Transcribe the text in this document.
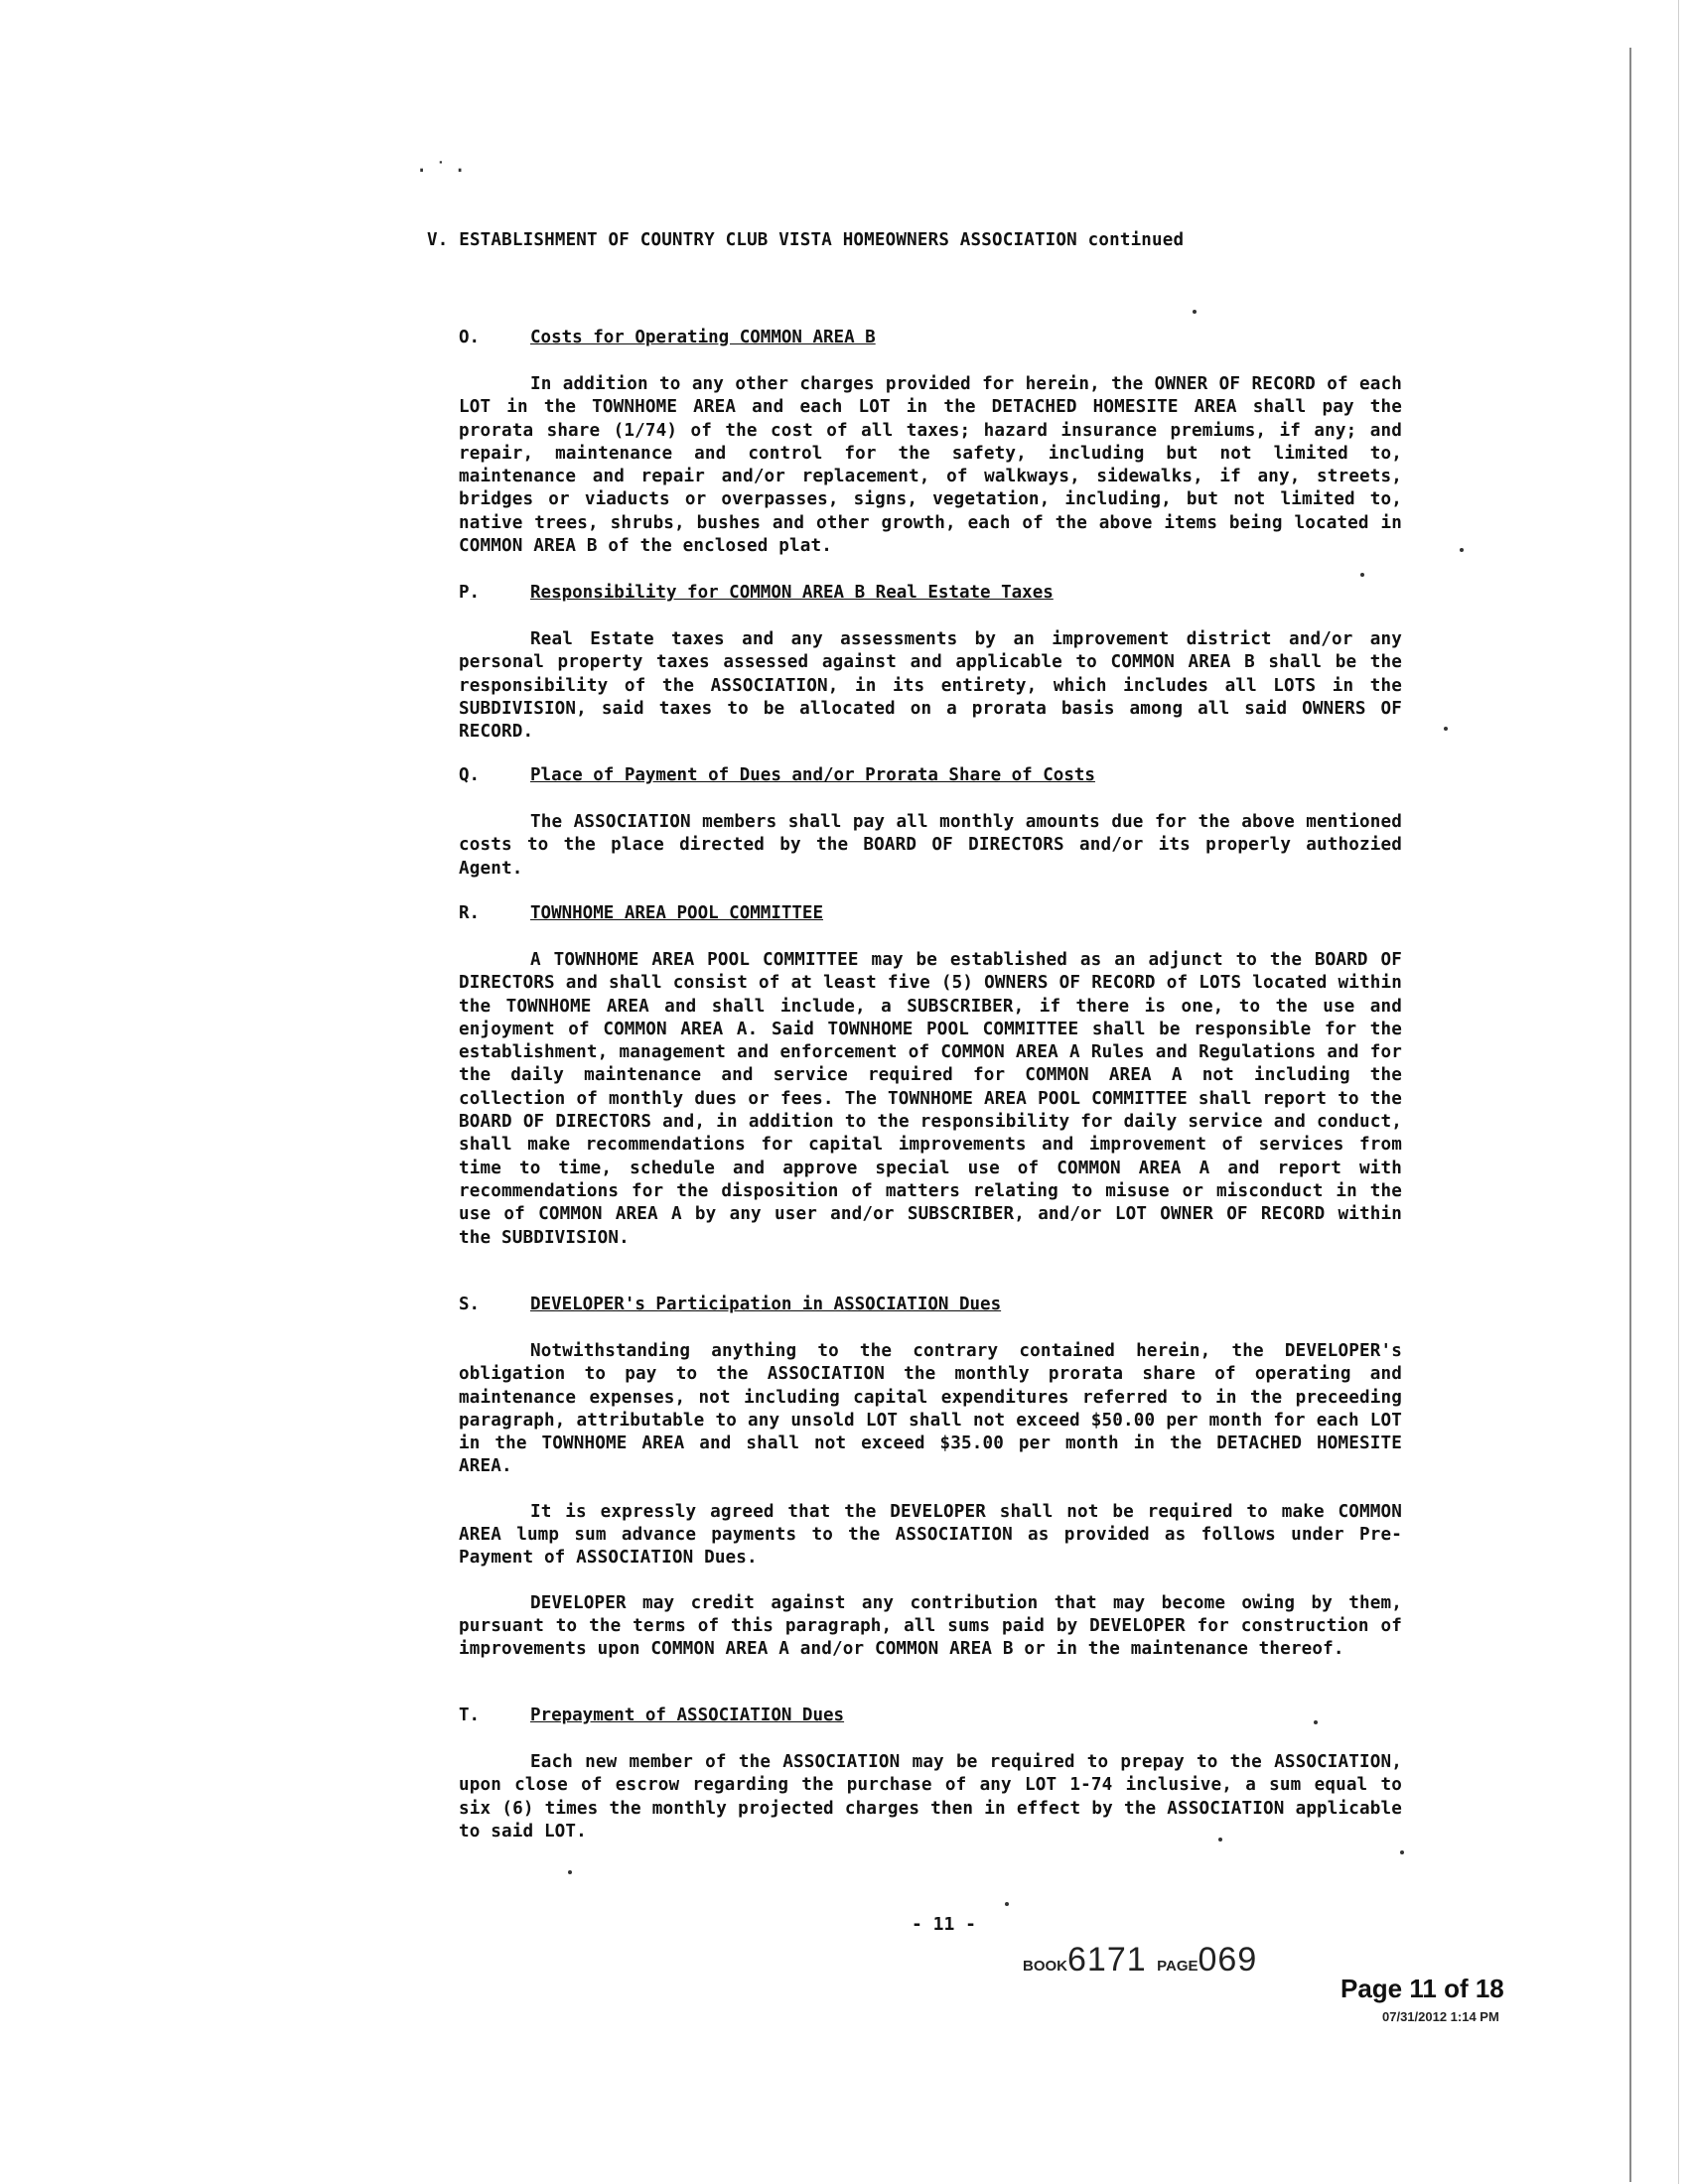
·˙·
V. ESTABLISHMENT OF COUNTRY CLUB VISTA HOMEOWNERS ASSOCIATION continued
O.	Costs for Operating COMMON AREA B

In addition to any other charges provided for herein, the OWNER OF RECORD of each LOT in the TOWNHOME AREA and each LOT in the DETACHED HOMESITE AREA shall pay the prorata share (1/74) of the cost of all taxes; hazard insurance premiums, if any; and repair, maintenance and control for the safety, including but not limited to, maintenance and repair and/or replacement, of walkways, sidewalks, if any, streets, bridges or viaducts or overpasses, signs, vegetation, including, but not limited to, native trees, shrubs, bushes and other growth, each of the above items being located in COMMON AREA B of the enclosed plat.

P.	Responsibility for COMMON AREA B Real Estate Taxes

Real Estate taxes and any assessments by an improvement district and/or any personal property taxes assessed against and applicable to COMMON AREA B shall be the responsibility of the ASSOCIATION, in its entirety, which includes all LOTS in the SUBDIVISION, said taxes to be allocated on a prorata basis among all said OWNERS OF RECORD.

Q.	Place of Payment of Dues and/or Prorata Share of Costs

The ASSOCIATION members shall pay all monthly amounts due for the above mentioned costs to the place directed by the BOARD OF DIRECTORS and/or its properly authozied Agent.

R.	TOWNHOME AREA POOL COMMITTEE

A TOWNHOME AREA POOL COMMITTEE may be established as an adjunct to the BOARD OF DIRECTORS and shall consist of at least five (5) OWNERS OF RECORD of LOTS located within the TOWNHOME AREA and shall include, a SUBSCRIBER, if there is one, to the use and enjoyment of COMMON AREA A. Said TOWNHOME POOL COMMITTEE shall be responsible for the establishment, management and enforcement of COMMON AREA A Rules and Regulations and for the daily maintenance and service required for COMMON AREA A not including the collection of monthly dues or fees. The TOWNHOME AREA POOL COMMITTEE shall report to the BOARD OF DIRECTORS and, in addition to the responsibility for daily service and conduct, shall make recommendations for capital improvements and improvement of services from time to time, schedule and approve special use of COMMON AREA A and report with recommendations for the disposition of matters relating to misuse or misconduct in the use of COMMON AREA A by any user and/or SUBSCRIBER, and/or LOT OWNER OF RECORD within the SUBDIVISION.

S.	DEVELOPER's Participation in ASSOCIATION Dues

Notwithstanding anything to the contrary contained herein, the DEVELOPER's obligation to pay to the ASSOCIATION the monthly prorata share of operating and maintenance expenses, not including capital expenditures referred to in the preceeding paragraph, attributable to any unsold LOT shall not exceed $50.00 per month for each LOT in the TOWNHOME AREA and shall not exceed $35.00 per month in the DETACHED HOMESITE AREA.

It is expressly agreed that the DEVELOPER shall not be required to make COMMON AREA lump sum advance payments to the ASSOCIATION as provided as follows under Pre-Payment of ASSOCIATION Dues.

DEVELOPER may credit against any contribution that may become owing by them, pursuant to the terms of this paragraph, all sums paid by DEVELOPER for construction of improvements upon COMMON AREA A and/or COMMON AREA B or in the maintenance thereof.

T.	Prepayment of ASSOCIATION Dues

Each new member of the ASSOCIATION may be required to prepay to the ASSOCIATION, upon close of escrow regarding the purchase of any LOT 1-74 inclusive, a sum equal to six (6) times the monthly projected charges then in effect by the ASSOCIATION applicable to said LOT.

- 11 -
BOOK6171 PAGE069
Page 11 of 18
07/31/2012 1:14 PM
